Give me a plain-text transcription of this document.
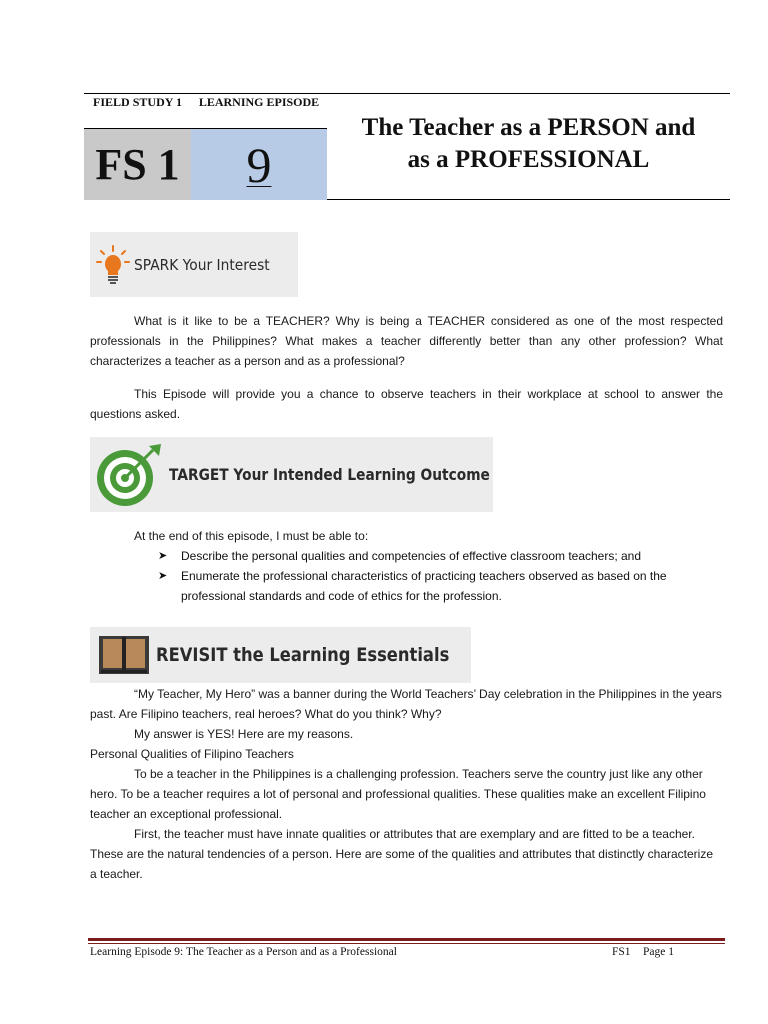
FIELD STUDY 1	LEARNING EPISODE
FS 1 9
The Teacher as a PERSON and
as a PROFESSIONAL
SPARK Your Interest
What is it like to be a TEACHER? Why is being a TEACHER considered as one of the most respected professionals in the Philippines? What makes a teacher differently better than any other profession? What characterizes a teacher as a person and as a professional?
This Episode will provide you a chance to observe teachers in their workplace at school to answer the questions asked.
TARGET Your Intended Learning Outcome
At the end of this episode, I must be able to:
➤ Describe the personal qualities and competencies of effective classroom teachers; and
➤ Enumerate the professional characteristics of practicing teachers observed as based on the professional standards and code of ethics for the profession.
REVISIT the Learning Essentials
“My Teacher, My Hero” was a banner during the World Teachers’ Day celebration in the Philippines in the years past. Are Filipino teachers, real heroes? What do you think? Why?
My answer is YES! Here are my reasons.
Personal Qualities of Filipino Teachers
To be a teacher in the Philippines is a challenging profession. Teachers serve the country just like any other hero. To be a teacher requires a lot of personal and professional qualities. These qualities make an excellent Filipino teacher an exceptional professional.
First, the teacher must have innate qualities or attributes that are exemplary and are fitted to be a teacher. These are the natural tendencies of a person. Here are some of the qualities and attributes that distinctly characterize a teacher.
Learning Episode 9: The Teacher as a Person and as a Professional	FS1 Page 1
